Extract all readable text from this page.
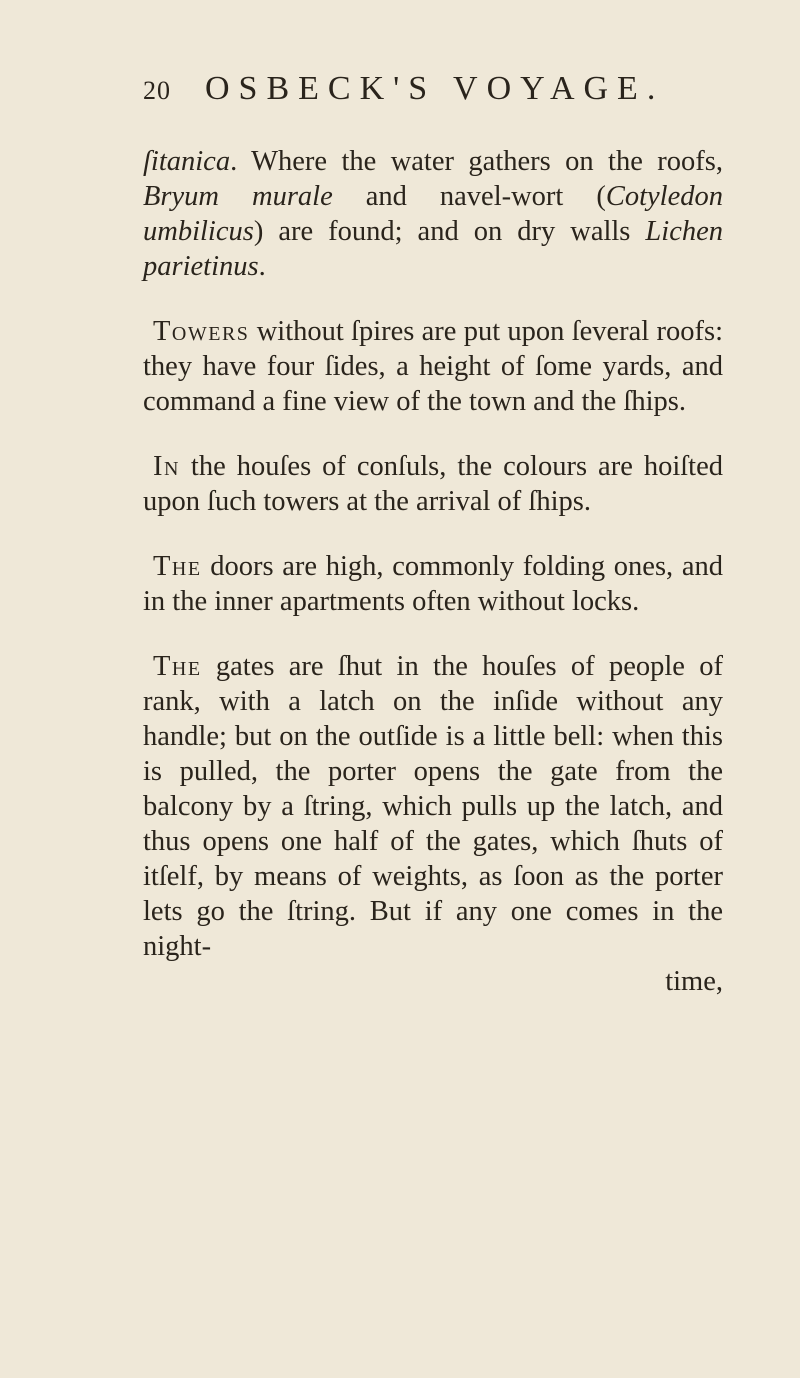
20	OSBECK'S VOYAGE.

ſitanica. Where the water gathers on the roofs, Bryum murale and navel-wort (Cotyledon umbilicus) are found; and on dry walls Lichen parietinus.

Towers without ſpires are put upon ſeveral roofs: they have four ſides, a height of ſome yards, and command a fine view of the town and the ſhips.

In the houſes of conſuls, the colours are hoiſted upon ſuch towers at the arrival of ſhips.

The doors are high, commonly folding ones, and in the inner apartments often without locks.

The gates are ſhut in the houſes of people of rank, with a latch on the inſide without any handle; but on the outſide is a little bell: when this is pulled, the porter opens the gate from the balcony by a ſtring, which pulls up the latch, and thus opens one half of the gates, which ſhuts of itſelf, by means of weights, as ſoon as the porter lets go the ſtring. But if any one comes in the night-

time,
